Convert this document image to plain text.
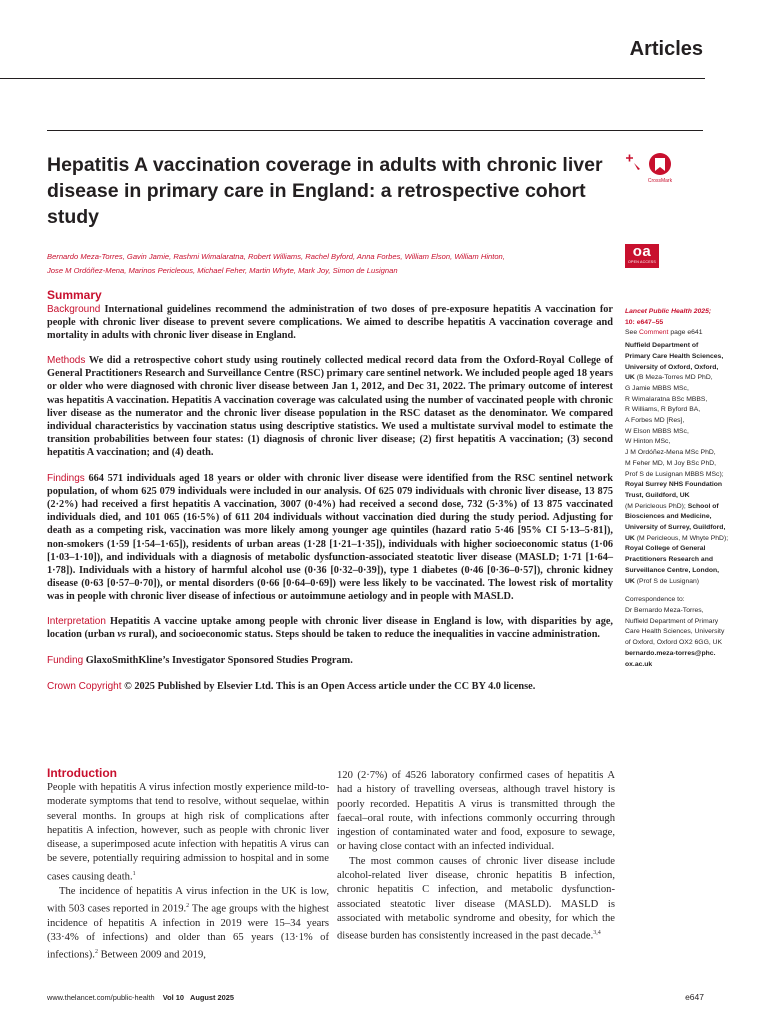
Articles
Hepatitis A vaccination coverage in adults with chronic liver disease in primary care in England: a retrospective cohort study
CrossMark
Bernardo Meza-Torres, Gavin Jamie, Rashmi Wimalaratna, Robert Williams, Rachel Byford, Anna Forbes, William Elson, William Hinton,
Jose M Ordóñez-Mena, Marinos Pericleous, Michael Feher, Martin Whyte, Mark Joy, Simon de Lusignan
oa
OPEN ACCESS
Summary

Background International guidelines recommend the administration of two doses of pre-exposure hepatitis A vaccination for people with chronic liver disease to prevent severe complications. We aimed to describe hepatitis A vaccination coverage and mortality in adults with chronic liver disease in England.

Methods We did a retrospective cohort study using routinely collected medical record data from the Oxford-Royal College of General Practitioners Research and Surveillance Centre (RSC) primary care sentinel network. We included people aged 18 years or older who were diagnosed with chronic liver disease between Jan 1, 2012, and Dec 31, 2022. The primary outcome of interest was hepatitis A vaccination. Hepatitis A vaccination coverage was calculated using the number of vaccinated people with chronic liver disease as the numerator and the chronic liver disease population in the RSC dataset as the denominator. We compared individual characteristics by vaccination status using descriptive statistics. We used a multistate survival model to estimate the transition probabilities between four states: (1) diagnosis of chronic liver disease; (2) first hepatitis A vaccination; (3) second hepatitis A vaccination; and (4) death.

Findings 664 571 individuals aged 18 years or older with chronic liver disease were identified from the RSC sentinel network population, of whom 625 079 individuals were included in our analysis. Of 625 079 individuals with chronic liver disease, 13 875 (2·2%) had received a first hepatitis A vaccination, 3007 (0·4%) had received a second dose, 732 (5·3%) of 13 875 vaccinated individuals died, and 101 065 (16·5%) of 611 204 individuals without vaccination died during the study period. Adjusting for death as a competing risk, vaccination was more likely among younger age quintiles (hazard ratio 5·46 [95% CI 5·13–5·81]), non-smokers (1·59 [1·54–1·65]), residents of urban areas (1·28 [1·21–1·35]), individuals with higher socioeconomic status (1·06 [1·03–1·10]), and individuals with a diagnosis of metabolic dysfunction-associated steatotic liver disease (MASLD; 1·71 [1·64–1·78]). Individuals with a history of harmful alcohol use (0·36 [0·32–0·39]), type 1 diabetes (0·46 [0·36–0·57]), chronic kidney disease (0·63 [0·57–0·70]), or mental disorders (0·66 [0·64–0·69]) were less likely to be vaccinated. The lowest risk of mortality was in people with chronic liver disease of infectious or autoimmune aetiology and in people with MASLD.

Interpretation Hepatitis A vaccine uptake among people with chronic liver disease in England is low, with disparities by age, location (urban vs rural), and socioeconomic status. Steps should be taken to reduce the inequalities in vaccine administration.

Funding GlaxoSmithKline’s Investigator Sponsored Studies Program.

Crown Copyright © 2025 Published by Elsevier Ltd. This is an Open Access article under the CC BY 4.0 license.

Lancet Public Health 2025;
10: e647–55
See Comment page e641
Nuffield Department of
Primary Care Health Sciences,
University of Oxford, Oxford,
UK (B Meza-Torres MD PhD,
G Jamie MBBS MSc,
R Wimalaratna BSc MBBS,
R Williams, R Byford BA,
A Forbes MD [Res],
W Elson MBBS MSc,
W Hinton MSc,
J M Ordóñez-Mena MSc PhD,
M Feher MD, M Joy BSc PhD,
Prof S de Lusignan MBBS MSc);
Royal Surrey NHS Foundation
Trust, Guildford, UK
(M Pericleous PhD); School of
Biosciences and Medicine,
University of Surrey, Guildford,
UK (M Pericleous, M Whyte PhD);
Royal College of General
Practitioners Research and
Surveillance Centre, London,
UK (Prof S de Lusignan)
Correspondence to:
Dr Bernardo Meza-Torres,
Nuffield Department of Primary
Care Health Sciences, University
of Oxford, Oxford OX2 6GG, UK
bernardo.meza-torres@phc.
ox.ac.uk
Introduction

People with hepatitis A virus infection mostly experience mild-to-moderate symptoms that tend to resolve, without sequelae, within several months. In groups at high risk of complications after hepatitis A infection, however, such as people with chronic liver disease, a superimposed acute infection with hepatitis A virus can be severe, potentially requiring admission to hospital and in some cases causing death.$^1$

The incidence of hepatitis A virus infection in the UK is low, with 503 cases reported in 2019.$^2$ The age groups with the highest incidence of hepatitis A infection in 2019 were 15–34 years (33·4% of infections) and older than 65 years (13·1% of infections).$^2$ Between 2009 and 2019,

120 (2·7%) of 4526 laboratory confirmed cases of hepatitis A had a history of travelling overseas, although travel history is poorly recorded. Hepatitis A virus is transmitted through the faecal–oral route, with infections commonly occurring through ingestion of contaminated water and food, exposure to sewage, or having close contact with an infected individual.

The most common causes of chronic liver disease include alcohol-related liver disease, chronic hepatitis B infection, chronic hepatitis C infection, and metabolic dysfunction-associated steatotic liver disease (MASLD). MASLD is associated with metabolic syndrome and obesity, for which the disease burden has consistently increased in the past decade.$^{3,4}$

www.thelancet.com/public-health Vol 10 August 2025	e647
